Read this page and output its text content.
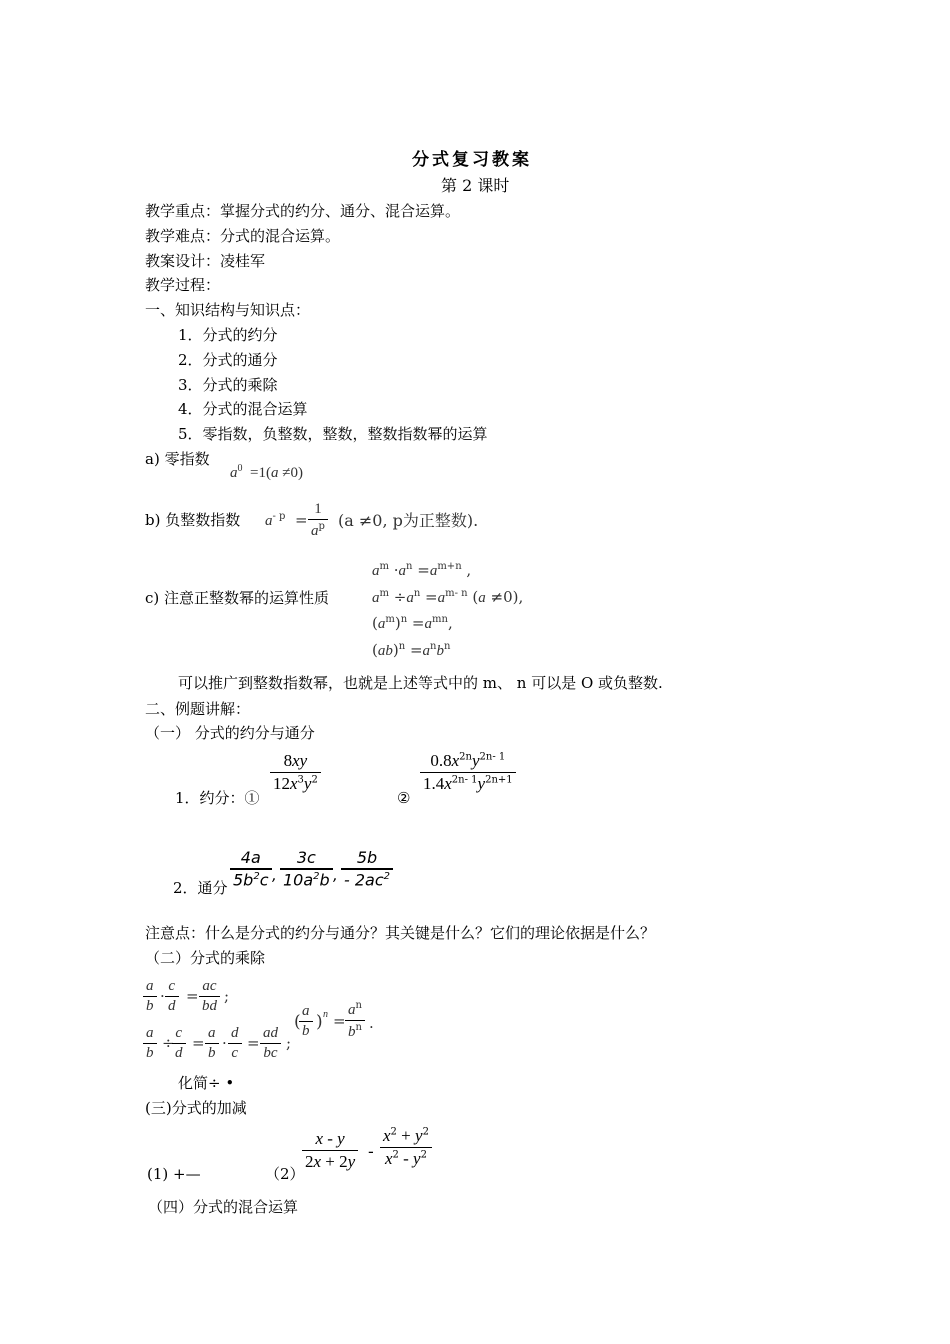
分式复习教案
第 2 课时
教学重点：掌握分式的约分、通分、混合运算。
教学难点：分式的混合运算。
教案设计：凌桂军
教学过程：
一、知识结构与知识点：
1．分式的约分
2．分式的通分
3．分式的乘除
4．分式的混合运算
5．零指数，负整数，整数，整数指数幂的运算
a) 零指数
$a^0 =1(a \ne 0)$
b) 负整数指数 $a^{- p}$  =
1
$a^p$ (a ≠0, p为正整数).
c) 注意正整数幂的运算性质
$a^m \cdot a^n =a^{m+n}$ ,
$a^m \div a^n =a^{m- n}$ (a ≠0),
$(a^m)^n =a^{mn}$,
$(ab)^n =a^nb^n$
可以推广到整数指数幂，也就是上述等式中的 m、 n 可以是 O 或负整数.
二、例题讲解：
（一） 分式的约分与通分
8xy
$12x^3y^2$
1．约分：①	②
$0.8x^{2n}y^{2n- 1}$
$1.4x^{2n- 1}y^{2n+1}$
4a
$5b^2c$ ,
3c
$10a^2b$ ,
5b
- $2ac^2$
2．通分
注意点：什么是分式的约分与通分？其关键是什么？它们的理论依据是什么？
（二）分式的乘除
a
b
·
c
d
=
ac
bd
;
a
b
÷
c
d
=
a
b
·
d
c
=
ad
bc
;
(
a
b ) n =
$a^n$
$b^n$ .
化简÷ •
(三)分式的加减
(1) +—	（2）
x - y
2x + 2y -
$x^2 + y^2$
$x^2 - y^2$
（四）分式的混合运算
